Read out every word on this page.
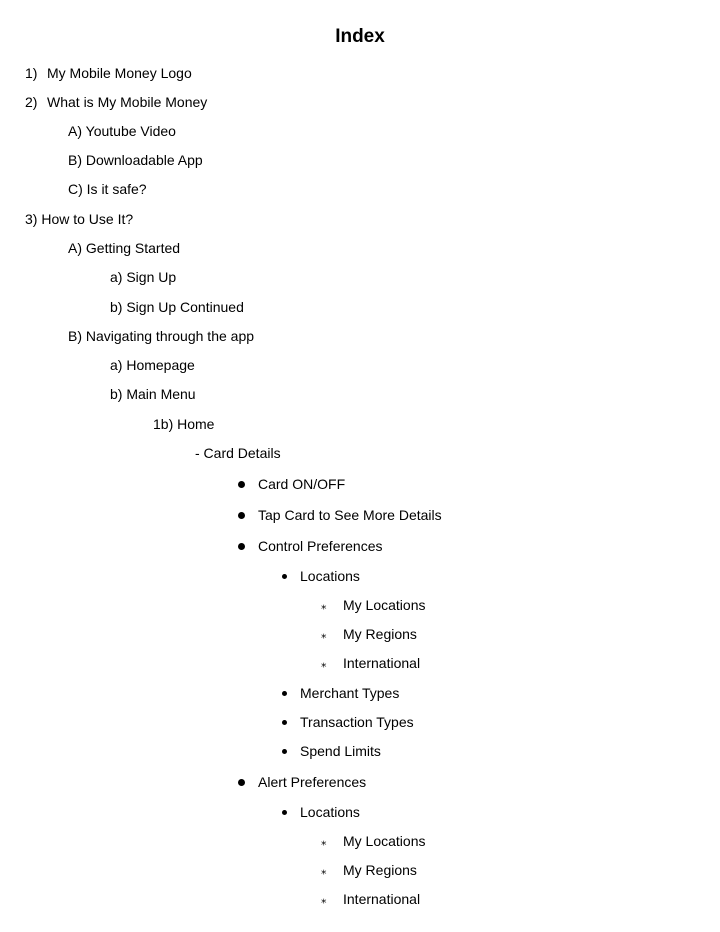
Index
1) My Mobile Money Logo
2) What is My Mobile Money
A) Youtube Video
B) Downloadable App
C) Is it safe?
3) How to Use It?
A) Getting Started
a) Sign Up
b) Sign Up Continued
B) Navigating through the app
a) Homepage
b) Main Menu
1b) Home
- Card Details
Card ON/OFF
Tap Card to See More Details
Control Preferences
Locations
⁎ My Locations
⁎ My Regions
⁎ International
Merchant Types
Transaction Types
Spend Limits
Alert Preferences
Locations
⁎ My Locations
⁎ My Regions
⁎ International
